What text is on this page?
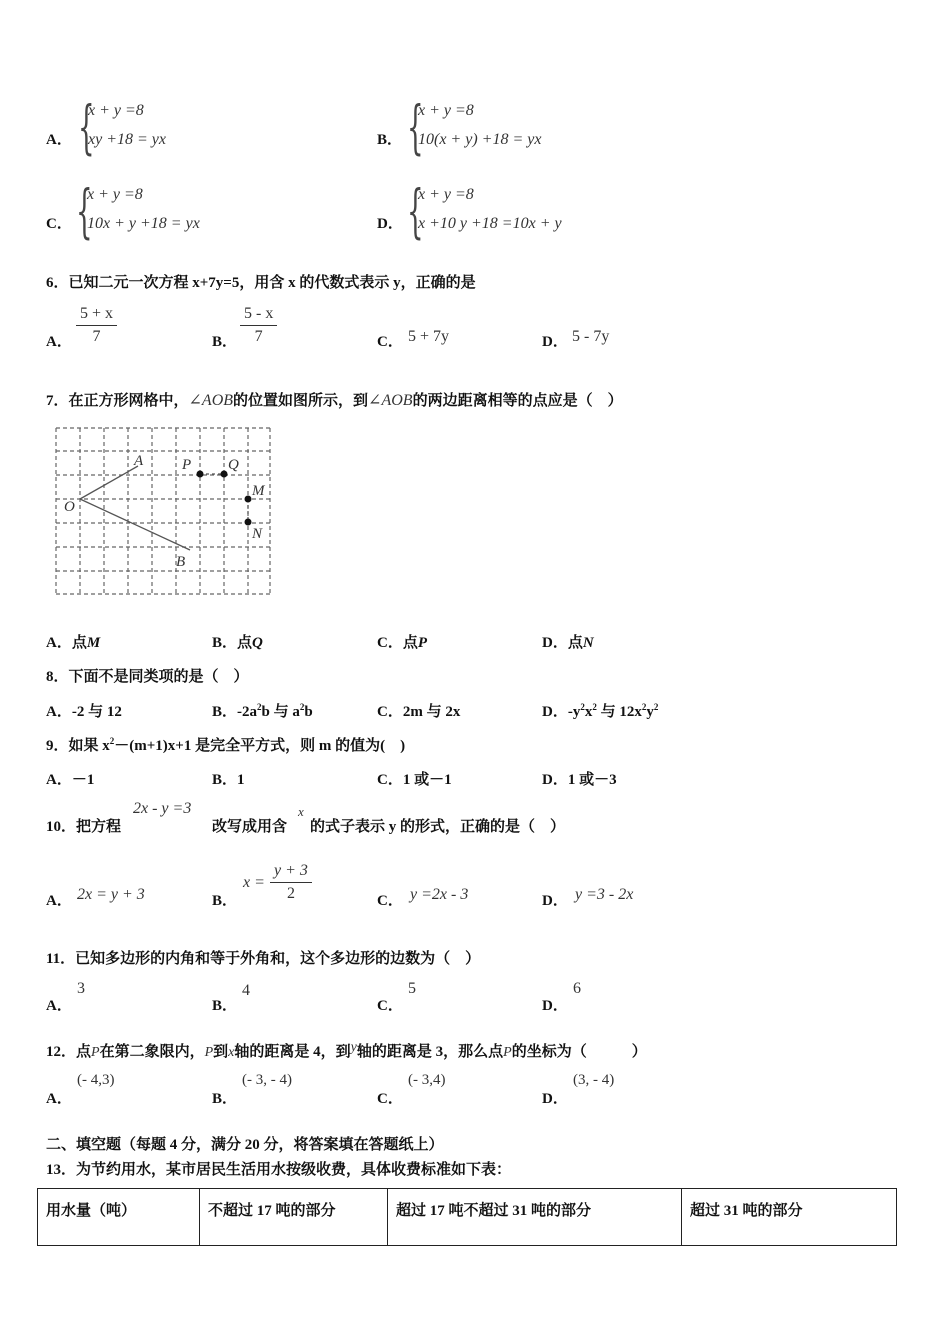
A． {
x + y =8
xy +18 = yx	B． {
x + y =8
10(x + y) +18 = yx
C． {
x + y =8
10x + y +18 = yx	D． {
x + y =8
x +10 y +18 =10x + y
6．已知二元一次方程 x+7y=5，用含 x 的代数式表示 y，正确的是
A． $\frac{5 + x}{7}$	B． $\frac{5 - x}{7}$	C． 5 + 7y	D． 5 - 7y
7．在正方形网格中，∠AOB的位置如图所示，到∠AOB的两边距离相等的点应是（　）
O
A
B
P Q
M
N
A．点M	B．点Q	C．点P	D．点N
8．下面不是同类项的是（　）
A．-2 与 12	B．$-2a^2b$ 与 $a^2b$	C．2m 与 2x	D．$-y^2x^2$ 与 $12x^2y^2$
9．如果 $x^2-(m+1)x+1$ 是完全平方式，则 m 的值为(　)
A．－1	B．1	C．1 或－1	D．1 或－3
10．把方程
2x - y =3
改写成用含
x
的式子表示 y 的形式，正确的是（　）
A． 2x = y + 3	B．
$x = \frac{y + 3}{2}$	C． y =2x - 3	D． y =3 - 2x
11．已知多边形的内角和等于外角和，这个多边形的边数为（　）
A．
3
B．
4
C．
5
D．
6
12．点P在第二象限内，P到x轴的距离是 4，到y轴的距离是 3，那么点P的坐标为（　　　）
A．
(- 4,3)
B．
(- 3, - 4)
C．
(- 3,4)
D．
(3, - 4)
二、填空题（每题 4 分，满分 20 分，将答案填在答题纸上）
13．为节约用水，某市居民生活用水按级收费，具体收费标准如下表：
用水量（吨）	不超过 17 吨的部分	超过 17 吨不超过 31 吨的部分	超过 31 吨的部分
